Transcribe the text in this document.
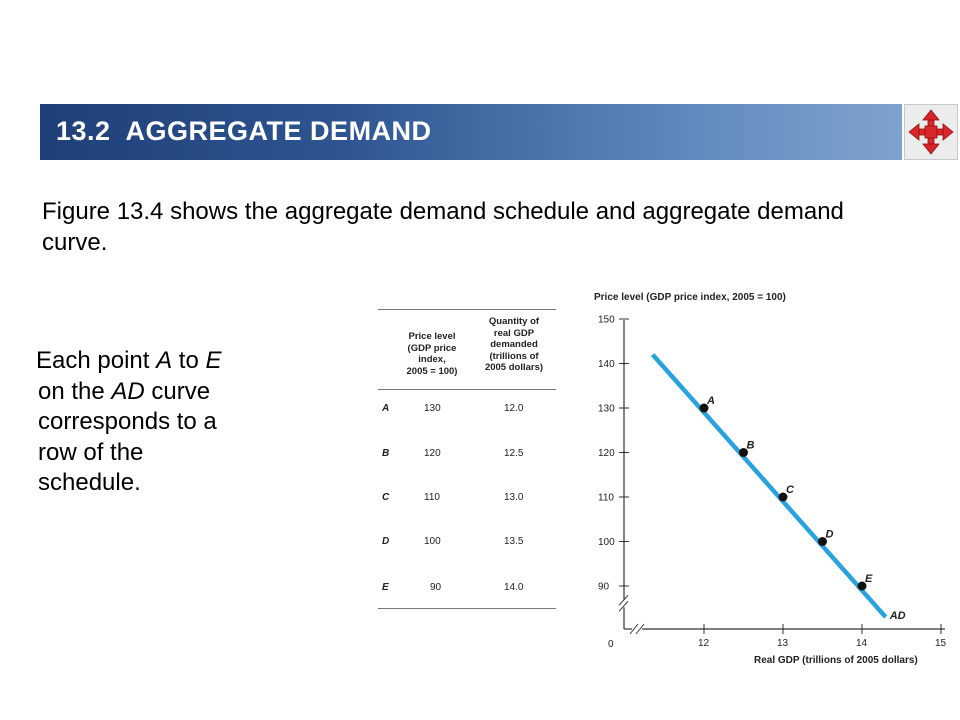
13.2  AGGREGATE DEMAND
Figure 13.4 shows the aggregate demand schedule and aggregate demand curve.
Each point A to E
on the AD curve
corresponds to a
row of the
schedule.
Price level
(GDP price
index,
2005 = 100)
Quantity of
real GDP
demanded
(trillions of
2005 dollars)
A	130	12.0
B	120	12.5
C	110	13.0
D	100	13.5
E	90	14.0
Price level (GDP price index, 2005 = 100)
Real GDP (trillions of 2005 dollars)
0
90
100
110
120
130
140
150
12	13	14	15
AD
A
B
C
D
E
